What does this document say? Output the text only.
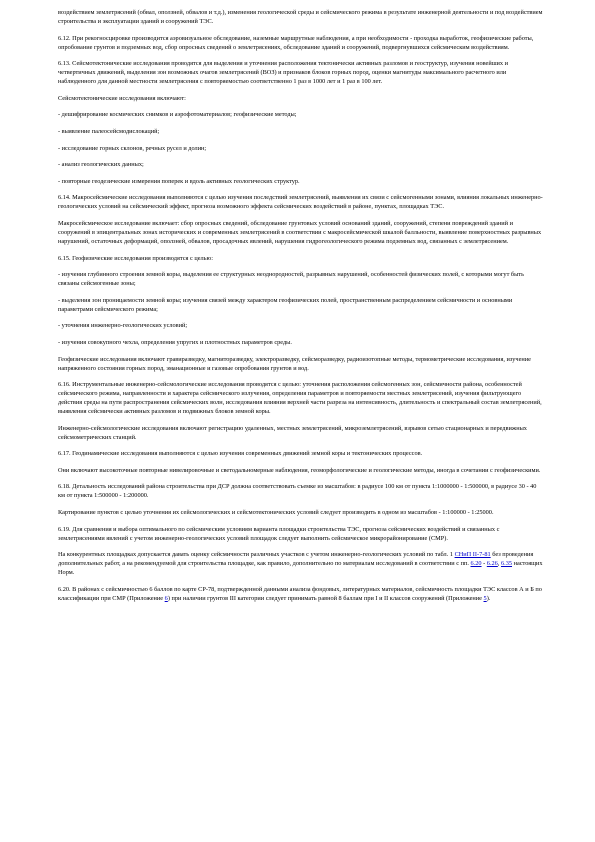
воздействием землетрясений (обвал, оползней, обвалов и т.д.), изменения геологической среды и сейсмического режима в результате инженерной деятельности и под воздействием строительства и эксплуатации зданий и сооружений ТЭС.

6.12. При рекогносцировке производится аэровизуальное обследование, наземные маршрутные наблюдения, а при необходимости - проходка выработок, геофизические работы, опробование грунтов и подземных вод, сбор опросных сведений о землетрясениях, обследование зданий и сооружений, подвергнувшихся сейсмическим воздействиям.

6.13. Сейсмотектонические исследования проводятся для выделения и уточнения расположения тектонически активных разломов и геоструктур, изучения новейших и четвертичных движений, выделения зон возможных очагов землетрясений (ВОЗ) и признаков блоков горных пород, оценки магнитуды максимального расчетного или наблюденного для данной местности землетрясения с повторяемостью соответственно 1 раз в 1000 лет и 1 раз в 100 лет.

Сейсмотектонические исследования включают:

- дешифрирование космических снимков и аэрофотоматериалов; геофизические методы;

- выявление палеосейсмодислокаций;

- исследование горных склонов, речных русел и долин;

- анализ геологических данных;

- повторные геодезические измерения поперек и вдоль активных геологических структур.

6.14. Макросейсмические исследования выполняются с целью изучения последствий землетрясений, выявления их связи с сейсмогенными зонами, влияния локальных инженерно-геологических условий на сейсмический эффект, прогноза возможного эффекта сейсмических воздействий в районе, пунктах, площадках ТЭС.

Макросейсмическое исследование включает: сбор опросных сведений, обследование грунтовых условий оснований зданий, сооружений, степени повреждений зданий и сооружений в эпицентральных зонах исторических и современных землетрясений в соответствии с макросейсмической шкалой балльности, выявление поверхностных разрывных нарушений, остаточных деформаций, оползней, обвалов, просадочных явлений, нарушения гидрогеологического режима подземных вод, связанных с землетрясением.

6.15. Геофизические исследования производятся с целью:

- изучения глубинного строения земной коры, выделения ее структурных неоднородностей, разрывных нарушений, особенностей физических полей, с которыми могут быть связаны сейсмогенные зоны;

- выделения зон проницаемости земной коры; изучения связей между характером геофизических полей, пространственным распределением сейсмичности и основными параметрами сейсмического режима;

- уточнения инженерно-геологических условий;

- изучения совокупного чехла, определения упругих и плотностных параметров среды.

Геофизические исследования включают гравиразведку, магниторазведку, электроразведку, сейсморазведку, радиоизотопные методы, термометрические исследования, изучение напряженного состояния горных пород, эманационные и газовые опробования грунтов и вод.

6.16. Инструментальные инженерно-сейсмологические исследования проводятся с целью: уточнения расположения сейсмогенных зон, сейсмичности района, особенностей сейсмического режима, направленности и характера сейсмического излучения, определения параметров и повторяемости местных землетрясений, изучения фильтрующего действия среды на пути распространения сейсмических волн, исследования влияния верхней части разреза на интенсивность, длительность и спектральный состав землетрясений, выявления сейсмически активных разломов и подвижных блоков земной коры.

Инженерно-сейсмологические исследования включают регистрацию удаленных, местных землетрясений, микроземлетрясений, взрывов сетью стационарных и передвижных сейсмометрических станций.

6.17. Геодинамические исследования выполняются с целью изучения современных движений земной коры и тектонических процессов.

Они включают высокоточные повторные нивелировочные и светодальномерные наблюдения, геоморфологические и геологические методы, иногда в сочетании с геофизическими.

6.18. Детальность исследований района строительства при ДСР должна соответствовать съемке из масштабов: в радиусе 100 км от пункта 1:1000000 - 1:500000, в радиусе 30 - 40 км от пункта 1:500000 - 1:200000.

Картирование пунктов с целью уточнения их сейсмологических и сейсмотектонических условий следует производить в одном из масштабов - 1:100000 - 1:25000.

6.19. Для сравнения и выбора оптимального по сейсмическим условиям варианта площадки строительства ТЭС, прогноза сейсмических воздействий и связанных с землетрясениями явлений с учетом инженерно-геологических условий площадок следует выполнить сейсмическое микрорайонирование (СМР).

На конкурентных площадках допускается давать оценку сейсмичности различных участков с учетом инженерно-геологических условий по табл. 1 СНиП II-7-81 без проведения дополнительных работ, а на рекомендуемой для строительства площадке, как правило, дополнительно по материалам исследований в соответствии с пп. 6.20 - 6.26, 6.35 настоящих Норм.

6.20. В районах с сейсмичностью 6 баллов по карте СР-78, подтвержденной данными анализа фондовых, литературных материалов, сейсмичность площадки ТЭС классов А и Б по классификации при СМР (Приложение 6) при наличии грунтов III категории следует принимать равной 8 баллам при I и II классов сооружений (Приложение 5).
